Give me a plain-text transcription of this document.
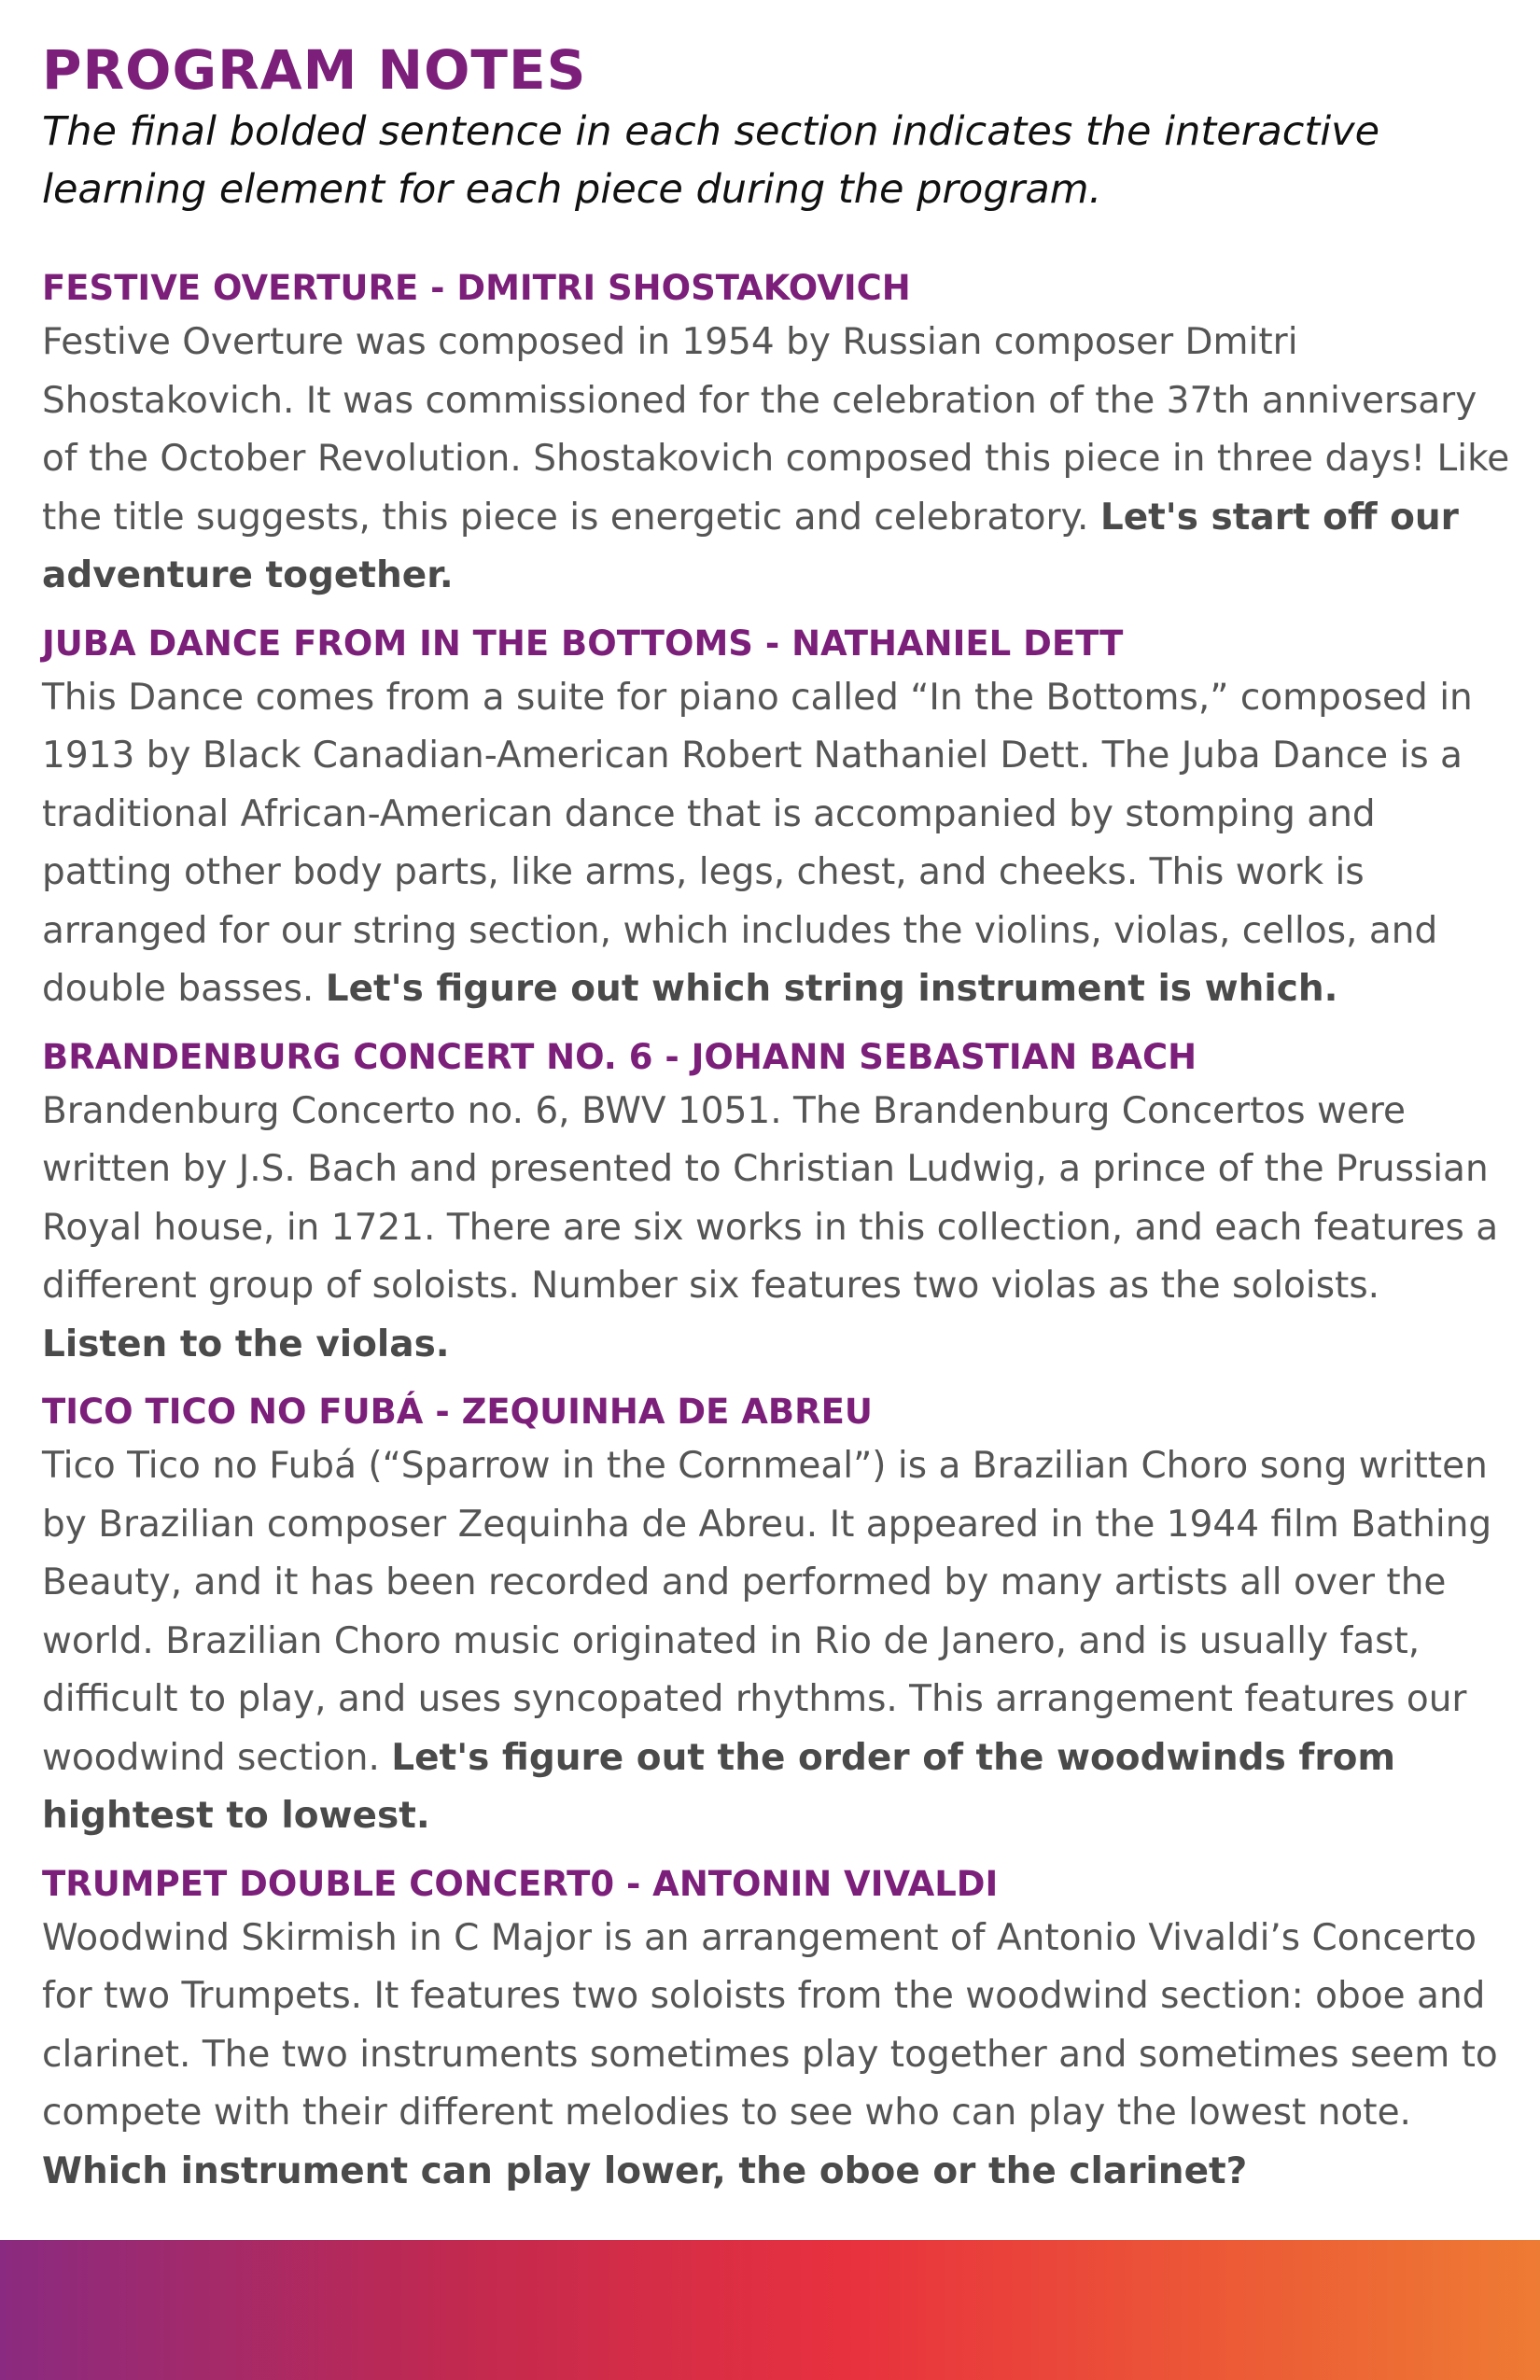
PROGRAM NOTES

The final bolded sentence in each section indicates the interactive learning element for each piece during the program.

FESTIVE OVERTURE - DMITRI SHOSTAKOVICH

Festive Overture was composed in 1954 by Russian composer Dmitri Shostakovich. It was commissioned for the celebration of the 37th anniversary of the October Revolution. Shostakovich composed this piece in three days! Like the title suggests, this piece is energetic and celebratory. Let's start off our adventure together.

JUBA DANCE FROM IN THE BOTTOMS - NATHANIEL DETT

This Dance comes from a suite for piano called “In the Bottoms,” composed in 1913 by Black Canadian-American Robert Nathaniel Dett. The Juba Dance is a traditional African-American dance that is accompanied by stomping and patting other body parts, like arms, legs, chest, and cheeks. This work is arranged for our string section, which includes the violins, violas, cellos, and double basses. Let's figure out which string instrument is which.

BRANDENBURG CONCERT NO. 6 - JOHANN SEBASTIAN BACH

Brandenburg Concerto no. 6, BWV 1051. The Brandenburg Concertos were written by J.S. Bach and presented to Christian Ludwig, a prince of the Prussian Royal house, in 1721. There are six works in this collection, and each features a different group of soloists. Number six features two violas as the soloists. Listen to the violas.

TICO TICO NO FUBÁ - ZEQUINHA DE ABREU

Tico Tico no Fubá (“Sparrow in the Cornmeal”) is a Brazilian Choro song written by Brazilian composer Zequinha de Abreu. It appeared in the 1944 film Bathing Beauty, and it has been recorded and performed by many artists all over the world. Brazilian Choro music originated in Rio de Janero, and is usually fast, difficult to play, and uses syncopated rhythms. This arrangement features our woodwind section. Let's figure out the order of the woodwinds from hightest to lowest.

TRUMPET DOUBLE CONCERT0 - ANTONIN VIVALDI

Woodwind Skirmish in C Major is an arrangement of Antonio Vivaldi’s Concerto for two Trumpets. It features two soloists from the woodwind section: oboe and clarinet. The two instruments sometimes play together and sometimes seem to compete with their different melodies to see who can play the lowest note. Which instrument can play lower, the oboe or the clarinet?
